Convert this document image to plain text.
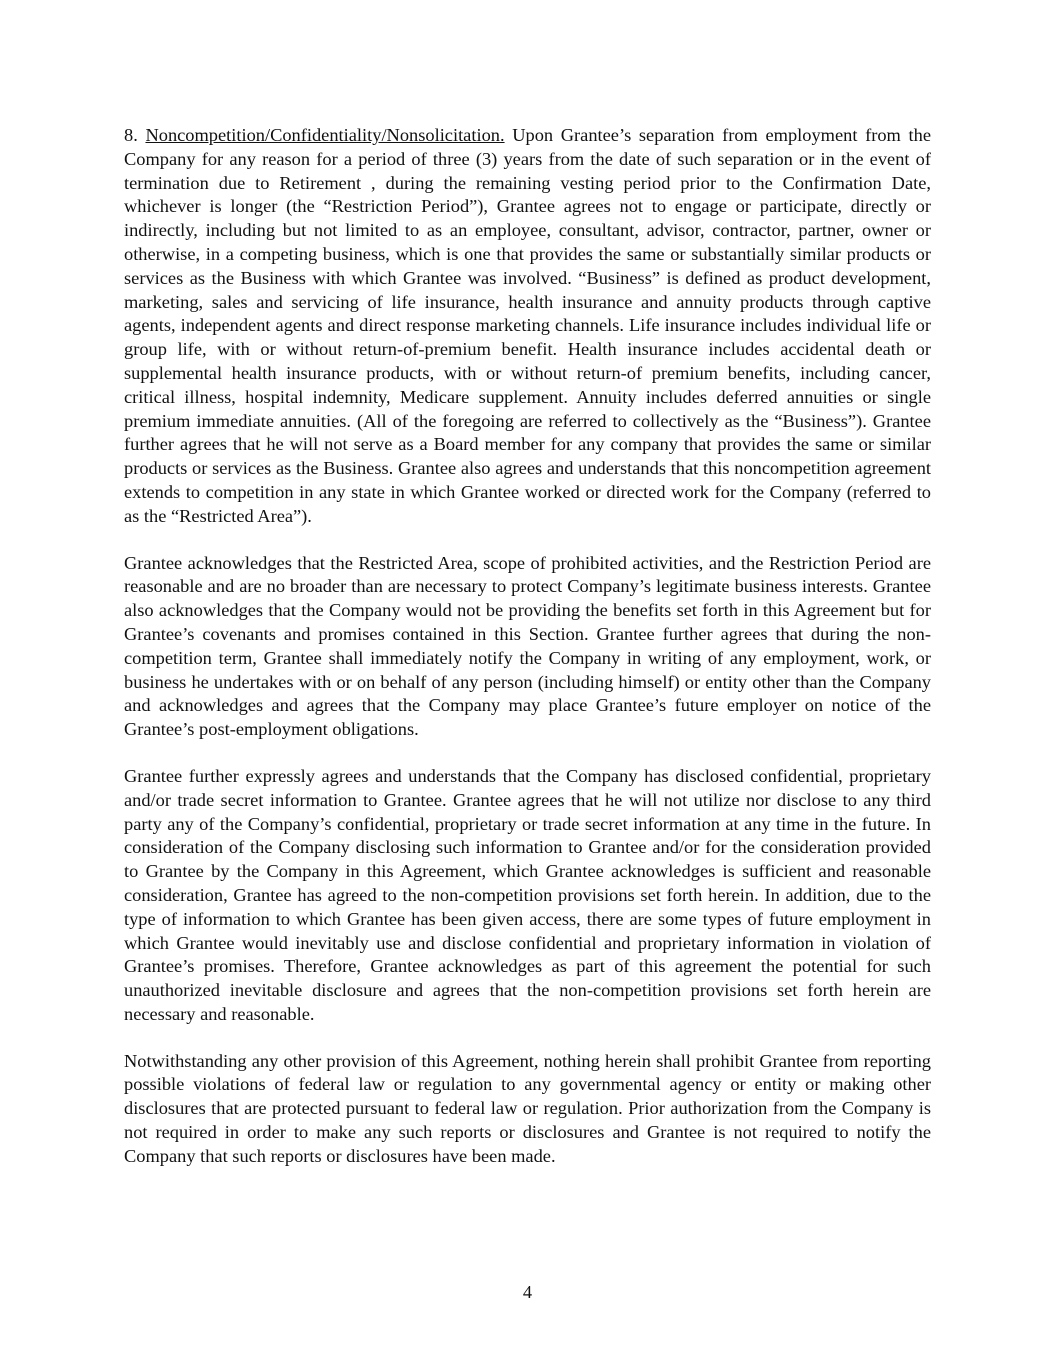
8. Noncompetition/Confidentiality/Nonsolicitation. Upon Grantee’s separation from employment from the Company for any reason for a period of three (3) years from the date of such separation or in the event of termination due to Retirement , during the remaining vesting period prior to the Confirmation Date, whichever is longer (the “Restriction Period”), Grantee agrees not to engage or participate, directly or indirectly, including but not limited to as an employee, consultant, advisor, contractor, partner, owner or otherwise, in a competing business, which is one that provides the same or substantially similar products or services as the Business with which Grantee was involved. “Business” is defined as product development, marketing, sales and servicing of life insurance, health insurance and annuity products through captive agents, independent agents and direct response marketing channels. Life insurance includes individual life or group life, with or without return-of-premium benefit. Health insurance includes accidental death or supplemental health insurance products, with or without return-of premium benefits, including cancer, critical illness, hospital indemnity, Medicare supplement. Annuity includes deferred annuities or single premium immediate annuities. (All of the foregoing are referred to collectively as the “Business”). Grantee further agrees that he will not serve as a Board member for any company that provides the same or similar products or services as the Business. Grantee also agrees and understands that this noncompetition agreement extends to competition in any state in which Grantee worked or directed work for the Company (referred to as the “Restricted Area”).

Grantee acknowledges that the Restricted Area, scope of prohibited activities, and the Restriction Period are reasonable and are no broader than are necessary to protect Company’s legitimate business interests. Grantee also acknowledges that the Company would not be providing the benefits set forth in this Agreement but for Grantee’s covenants and promises contained in this Section. Grantee further agrees that during the non-competition term, Grantee shall immediately notify the Company in writing of any employment, work, or business he undertakes with or on behalf of any person (including himself) or entity other than the Company and acknowledges and agrees that the Company may place Grantee’s future employer on notice of the Grantee’s post-employment obligations.

Grantee further expressly agrees and understands that the Company has disclosed confidential, proprietary and/or trade secret information to Grantee. Grantee agrees that he will not utilize nor disclose to any third party any of the Company’s confidential, proprietary or trade secret information at any time in the future. In consideration of the Company disclosing such information to Grantee and/or for the consideration provided to Grantee by the Company in this Agreement, which Grantee acknowledges is sufficient and reasonable consideration, Grantee has agreed to the non-competition provisions set forth herein. In addition, due to the type of information to which Grantee has been given access, there are some types of future employment in which Grantee would inevitably use and disclose confidential and proprietary information in violation of Grantee’s promises. Therefore, Grantee acknowledges as part of this agreement the potential for such unauthorized inevitable disclosure and agrees that the non-competition provisions set forth herein are necessary and reasonable.

Notwithstanding any other provision of this Agreement, nothing herein shall prohibit Grantee from reporting possible violations of federal law or regulation to any governmental agency or entity or making other disclosures that are protected pursuant to federal law or regulation. Prior authorization from the Company is not required in order to make any such reports or disclosures and Grantee is not required to notify the Company that such reports or disclosures have been made.

4
